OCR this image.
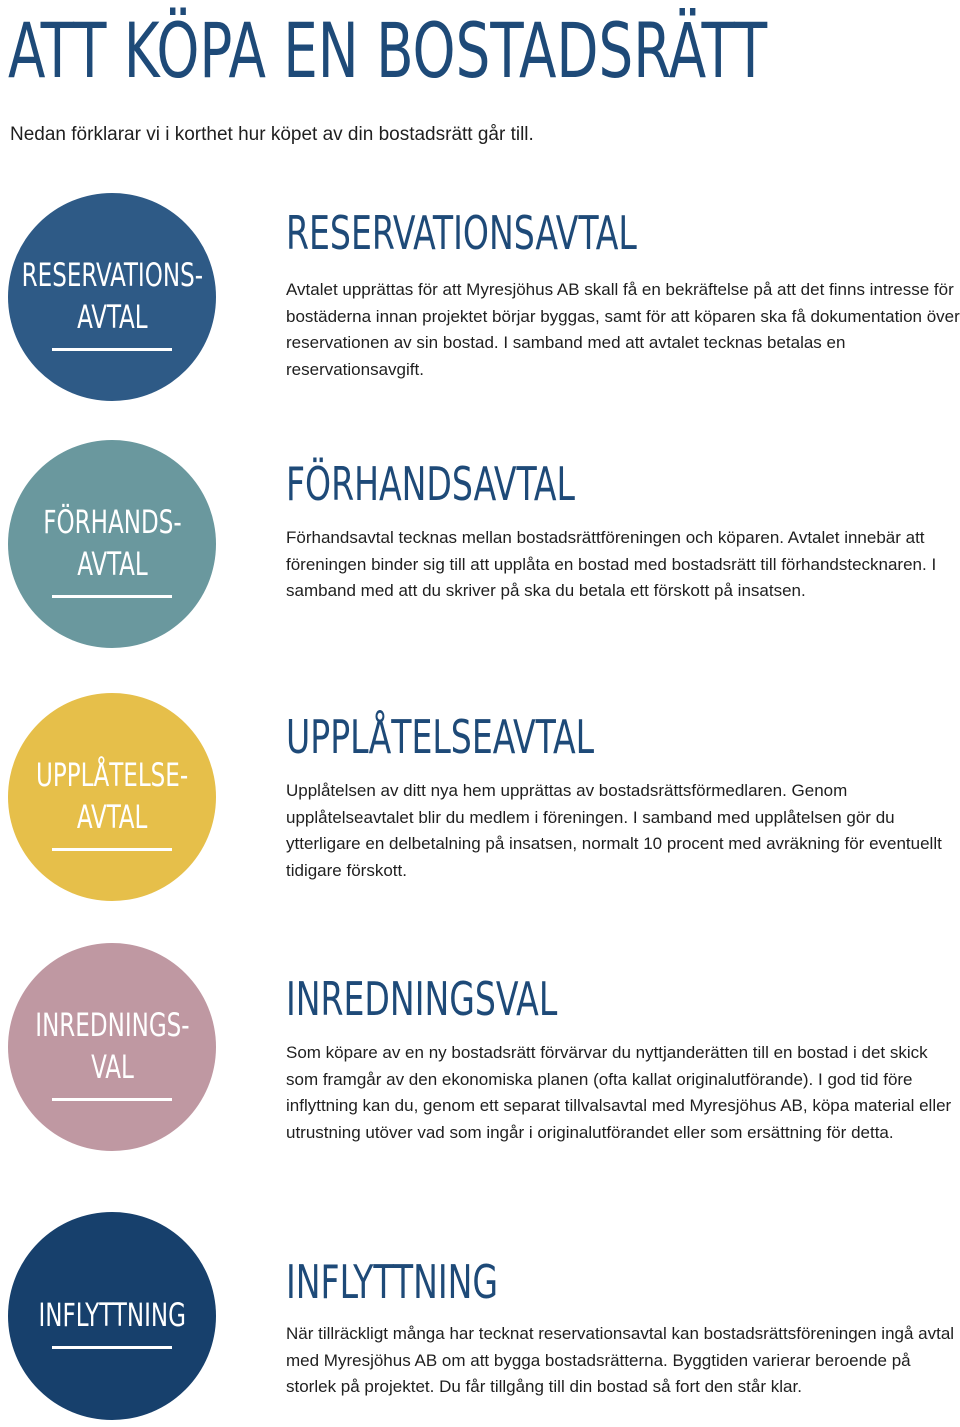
ATT KÖPA EN BOSTADSRÄTT

Nedan förklarar vi i korthet hur köpet av din bostadsrätt går till.

RESERVATIONS-
AVTAL
RESERVATIONSAVTAL

Avtalet upprättas för att Myresjöhus AB skall få en bekräftelse på att det finns intresse för bostäderna innan projektet börjar byggas, samt för att köparen ska få dokumentation över reservationen av sin bostad. I samband med att avtalet tecknas betalas en reservationsavgift.

FÖRHANDS-
AVTAL
FÖRHANDSAVTAL

Förhandsavtal tecknas mellan bostadsrättföreningen och köparen. Avtalet innebär att föreningen binder sig till att upplåta en bostad med bostadsrätt till förhandstecknaren. I samband med att du skriver på ska du betala ett förskott på insatsen.

UPPLÅTELSE-
AVTAL
UPPLÅTELSEAVTAL

Upplåtelsen av ditt nya hem upprättas av bostadsrättsförmedlaren. Genom upplåtelseavtalet blir du medlem i föreningen. I samband med upplåtelsen gör du ytterligare en delbetalning på insatsen, normalt 10 procent med avräkning för eventuellt tidigare förskott.

INREDNINGS-
VAL
INREDNINGSVAL

Som köpare av en ny bostadsrätt förvärvar du nyttjanderätten till en bostad i det skick som framgår av den ekonomiska planen (ofta kallat originalutförande). I god tid före inflyttning kan du, genom ett separat tillvalsavtal med Myresjöhus AB, köpa material eller utrustning utöver vad som ingår i originalutförandet eller som ersättning för detta.

INFLYTTNING
INFLYTTNING

När tillräckligt många har tecknat reservationsavtal kan bostadsrättsföreningen ingå avtal med Myresjöhus AB om att bygga bostadsrätterna. Byggtiden varierar beroende på storlek på projektet. Du får tillgång till din bostad så fort den står klar.
